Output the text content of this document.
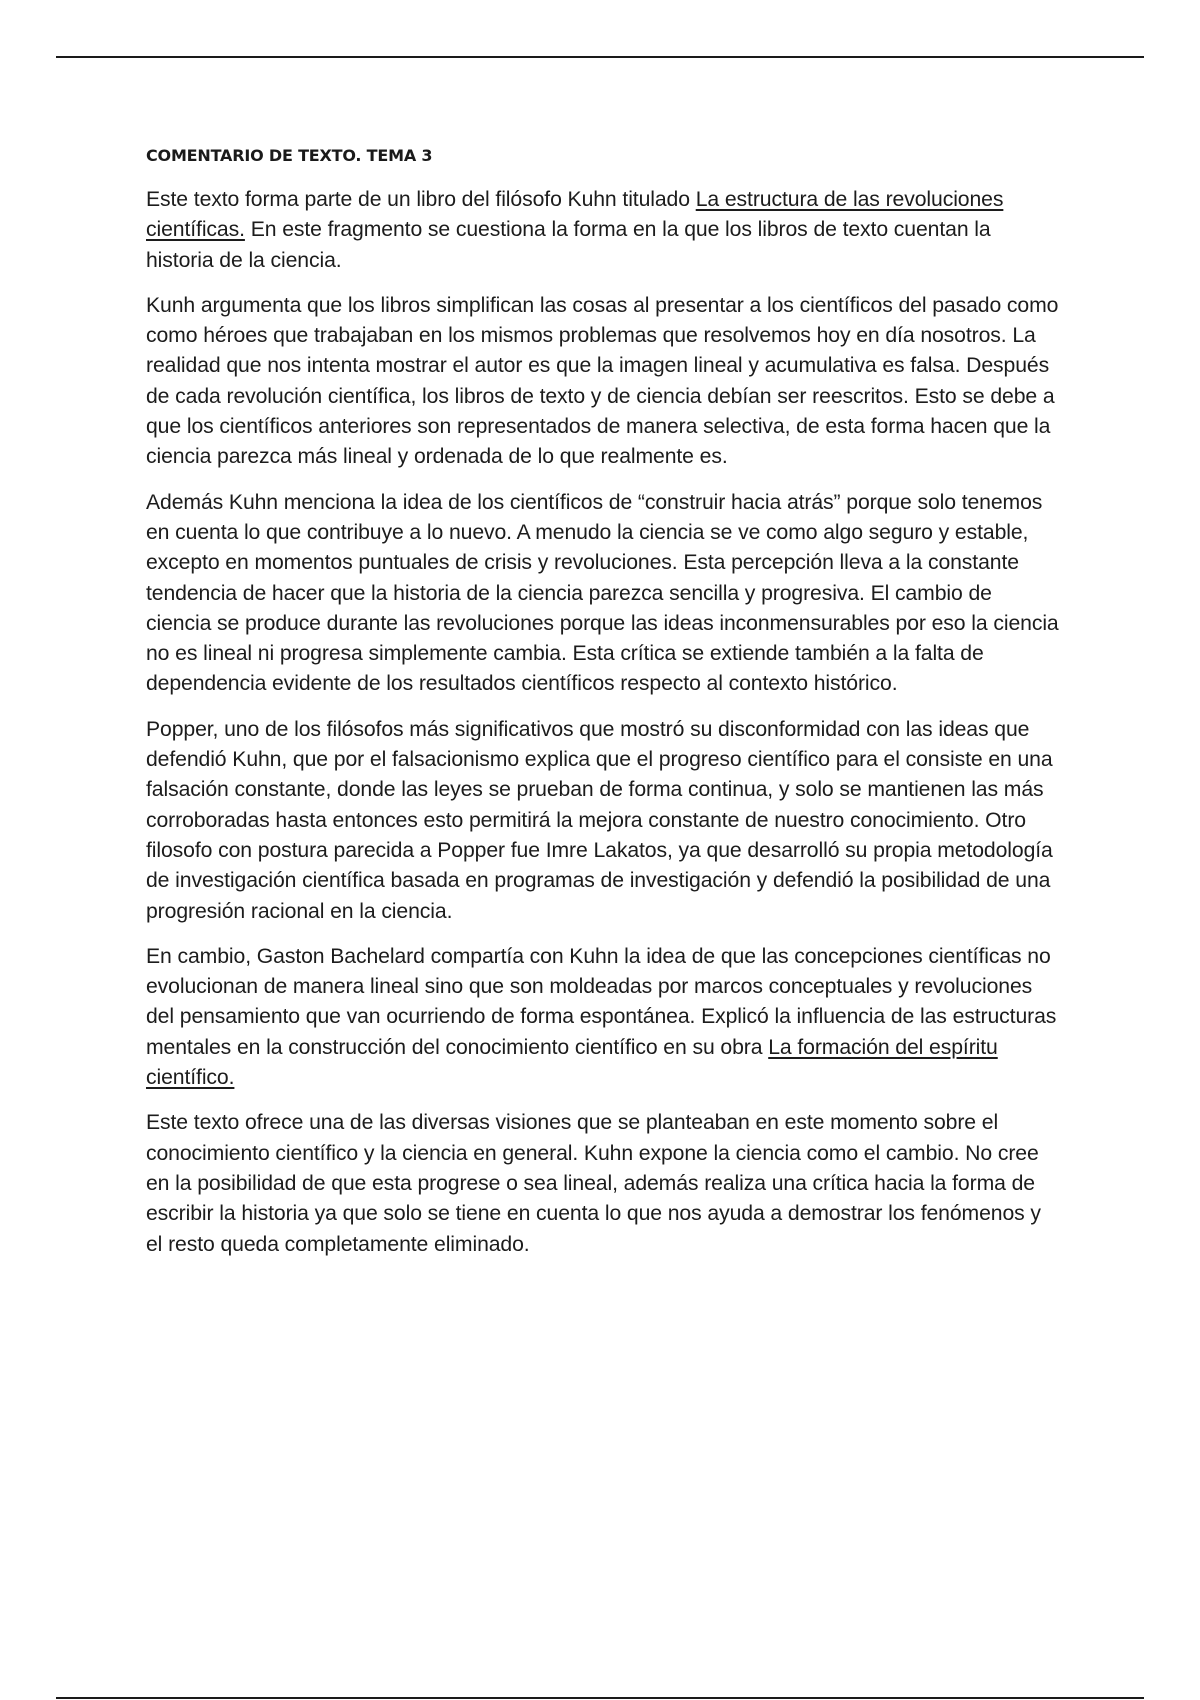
COMENTARIO DE TEXTO. TEMA 3

Este texto forma parte de un libro del filósofo Kuhn titulado La estructura de las revoluciones científicas. En este fragmento se cuestiona la forma en la que los libros de texto cuentan la historia de la ciencia.

Kunh argumenta que los libros simplifican las cosas al presentar a los científicos del pasado como como héroes que trabajaban en los mismos problemas que resolvemos hoy en día nosotros. La realidad que nos intenta mostrar el autor es que la imagen lineal y acumulativa es falsa. Después de cada revolución científica, los libros de texto y de ciencia debían ser reescritos. Esto se debe a que los científicos anteriores son representados de manera selectiva, de esta forma hacen que la ciencia parezca más lineal y ordenada de lo que realmente es.

Además Kuhn menciona la idea de los científicos de “construir hacia atrás” porque solo tenemos en cuenta lo que contribuye a lo nuevo. A menudo la ciencia se ve como algo seguro y estable, excepto en momentos puntuales de crisis y revoluciones. Esta percepción lleva a la constante tendencia de hacer que la historia de la ciencia parezca sencilla y progresiva. El cambio de ciencia se produce durante las revoluciones porque las ideas inconmensurables por eso la ciencia no es lineal ni progresa simplemente cambia. Esta crítica se extiende también a la falta de dependencia evidente de los resultados científicos respecto al contexto histórico.

Popper, uno de los filósofos más significativos que mostró su disconformidad con las ideas que defendió Kuhn, que por el falsacionismo explica que el progreso científico para el consiste en una falsación constante, donde las leyes se prueban de forma continua, y solo se mantienen las más corroboradas hasta entonces esto permitirá la mejora constante de nuestro conocimiento. Otro filosofo con postura parecida a Popper fue Imre Lakatos, ya que desarrolló su propia metodología de investigación científica basada en programas de investigación y defendió la posibilidad de una progresión racional en la ciencia.

En cambio, Gaston Bachelard compartía con Kuhn la idea de que las concepciones científicas no evolucionan de manera lineal sino que son moldeadas por marcos conceptuales y revoluciones del pensamiento que van ocurriendo de forma espontánea. Explicó la influencia de las estructuras mentales en la construcción del conocimiento científico en su obra La formación del espíritu científico.

Este texto ofrece una de las diversas visiones que se planteaban en este momento sobre el conocimiento científico y la ciencia en general. Kuhn expone la ciencia como el cambio. No cree en la posibilidad de que esta progrese o sea lineal, además realiza una crítica hacia la forma de escribir la historia ya que solo se tiene en cuenta lo que nos ayuda a demostrar los fenómenos y el resto queda completamente eliminado.
